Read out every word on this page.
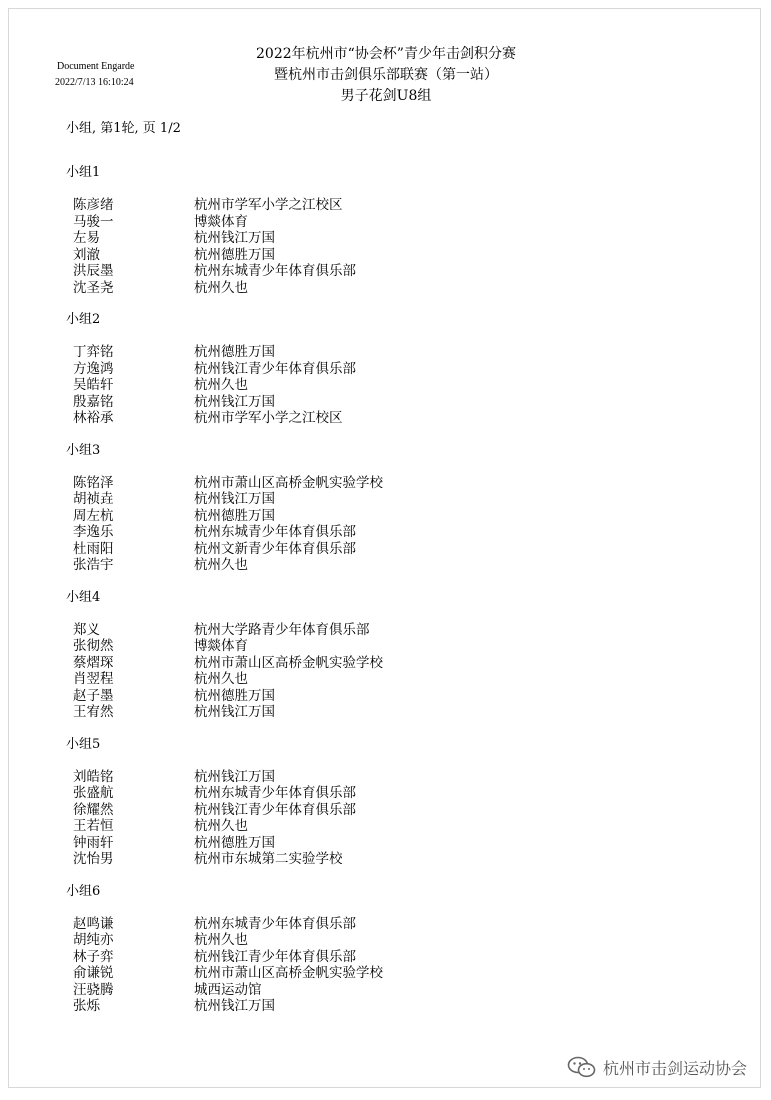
Document Engarde
2022/7/13 16:10:24
2022年杭州市“协会杯”青少年击剑积分赛
暨杭州市击剑俱乐部联赛（第一站）
男子花剑U8组
小组, 第1轮, 页 1/2
小组1
陈彦绪	杭州市学军小学之江校区
马骏一	博燚体育
左易	杭州钱江万国
刘澈	杭州德胜万国
洪辰墨	杭州东城青少年体育俱乐部
沈圣尧	杭州久也
小组2
丁弈铭	杭州德胜万国
方逸鸿	杭州钱江青少年体育俱乐部
吴皓轩	杭州久也
殷嘉铭	杭州钱江万国
林裕承	杭州市学军小学之江校区
小组3
陈铭泽	杭州市萧山区高桥金帆实验学校
胡祯垚	杭州钱江万国
周左杭	杭州德胜万国
李逸乐	杭州东城青少年体育俱乐部
杜雨阳	杭州文新青少年体育俱乐部
张浩宇	杭州久也
小组4
郑义	杭州大学路青少年体育俱乐部
张彻然	博燚体育
蔡熠琛	杭州市萧山区高桥金帆实验学校
肖翌程	杭州久也
赵子墨	杭州德胜万国
王宥然	杭州钱江万国
小组5
刘皓铭	杭州钱江万国
张盛航	杭州东城青少年体育俱乐部
徐耀然	杭州钱江青少年体育俱乐部
王若恒	杭州久也
钟雨轩	杭州德胜万国
沈怡男	杭州市东城第二实验学校
小组6
赵鸣谦	杭州东城青少年体育俱乐部
胡纯亦	杭州久也
林子弈	杭州钱江青少年体育俱乐部
俞谦锐	杭州市萧山区高桥金帆实验学校
汪骁腾	城西运动馆
张烁	杭州钱江万国
杭州市击剑运动协会
